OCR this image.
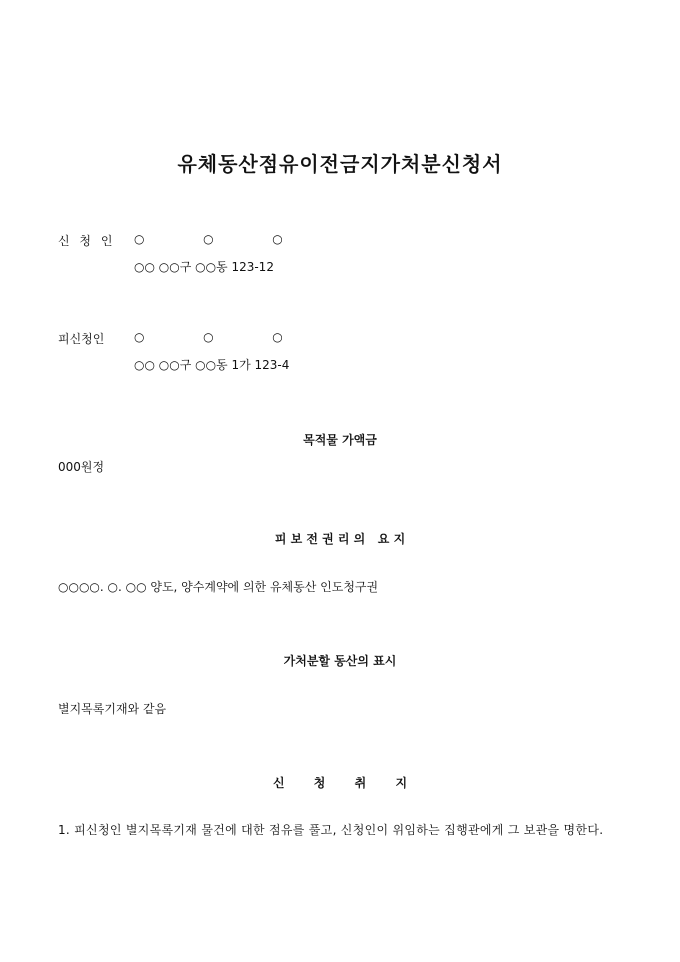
유체동산점유이전금지가처분신청서
신 청 인 ○  ○  ○
○○ ○○구 ○○동 123-12
피신청인 ○  ○  ○
○○ ○○구 ○○동 1가 123-4
목적물 가액금
000원정
피 보 전 권 리 의   요 지
○○○○. ○. ○○ 양도, 양수계약에 의한 유체동산 인도청구권
가처분할 동산의 표시
별지목록기재와 같음
신       청       취       지
1. 피신청인 별지목록기재 물건에 대한 점유를 풀고, 신청인이 위임하는 집행관에게 그 보관을 명한다.
